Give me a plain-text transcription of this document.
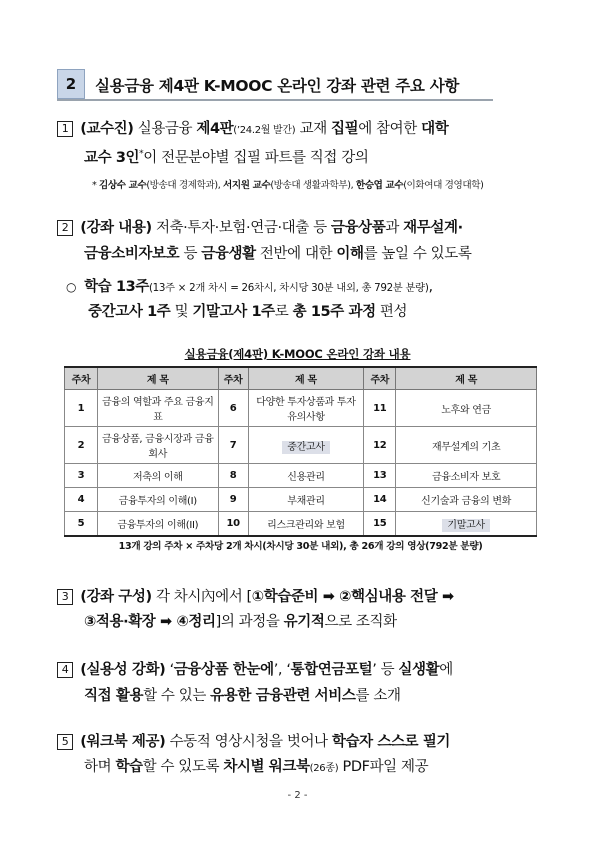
2	실용금융 제4판 K-MOOC 온라인 강좌 관련 주요 사항
1 (교수진) 실용금융 제4판(’24.2월 발간) 교재 집필에 참여한 대학
교수 3인*이 전문분야별 집필 파트를 직접 강의
* 김상수 교수(방송대 경제학과), 서지원 교수(방송대 생활과학부), 한승엽 교수(이화여대 경영대학)
2 (강좌 내용) 저축·투자·보험·연금·대출 등 금융상품과 재무설계·
금융소비자보호 등 금융생활 전반에 대한 이해를 높일 수 있도록
○ 학습 13주(13주 × 2개 차시 = 26차시, 차시당 30분 내외, 총 792분 분량),
중간고사 1주 및 기말고사 1주로 총 15주 과정 편성
실용금융(제4판) K-MOOC 온라인 강좌 내용
주차	제 목	주차	제 목	주차	제 목
1	금융의 역할과 주요 금융지표	6	다양한 투자상품과 투자 유의사항	11	노후와 연금
2	금융상품, 금융시장과 금융회사	7	중간고사	12	재무설계의 기초
3	저축의 이해	8	신용관리	13	금융소비자 보호
4	금융투자의 이해(I)	9	부채관리	14	신기술과 금융의 변화
5	금융투자의 이해(II)	10	리스크관리와 보험	15	기말고사
13개 강의 주차 × 주차당 2개 차시(차시당 30분 내외), 총 26개 강의 영상(792분 분량)
3 (강좌 구성) 각 차시內에서 [①학습준비 ➡ ②핵심내용 전달 ➡
③적용·확장 ➡ ④정리]의 과정을 유기적으로 조직화
4 (실용성 강화) ‘금융상품 한눈에’, ‘통합연금포털’ 등 실생활에
직접 활용할 수 있는 유용한 금융관련 서비스를 소개
5 (워크북 제공) 수동적 영상시청을 벗어나 학습자 스스로 필기
하며 학습할 수 있도록 차시별 워크북(26종) PDF파일 제공
- 2 -
